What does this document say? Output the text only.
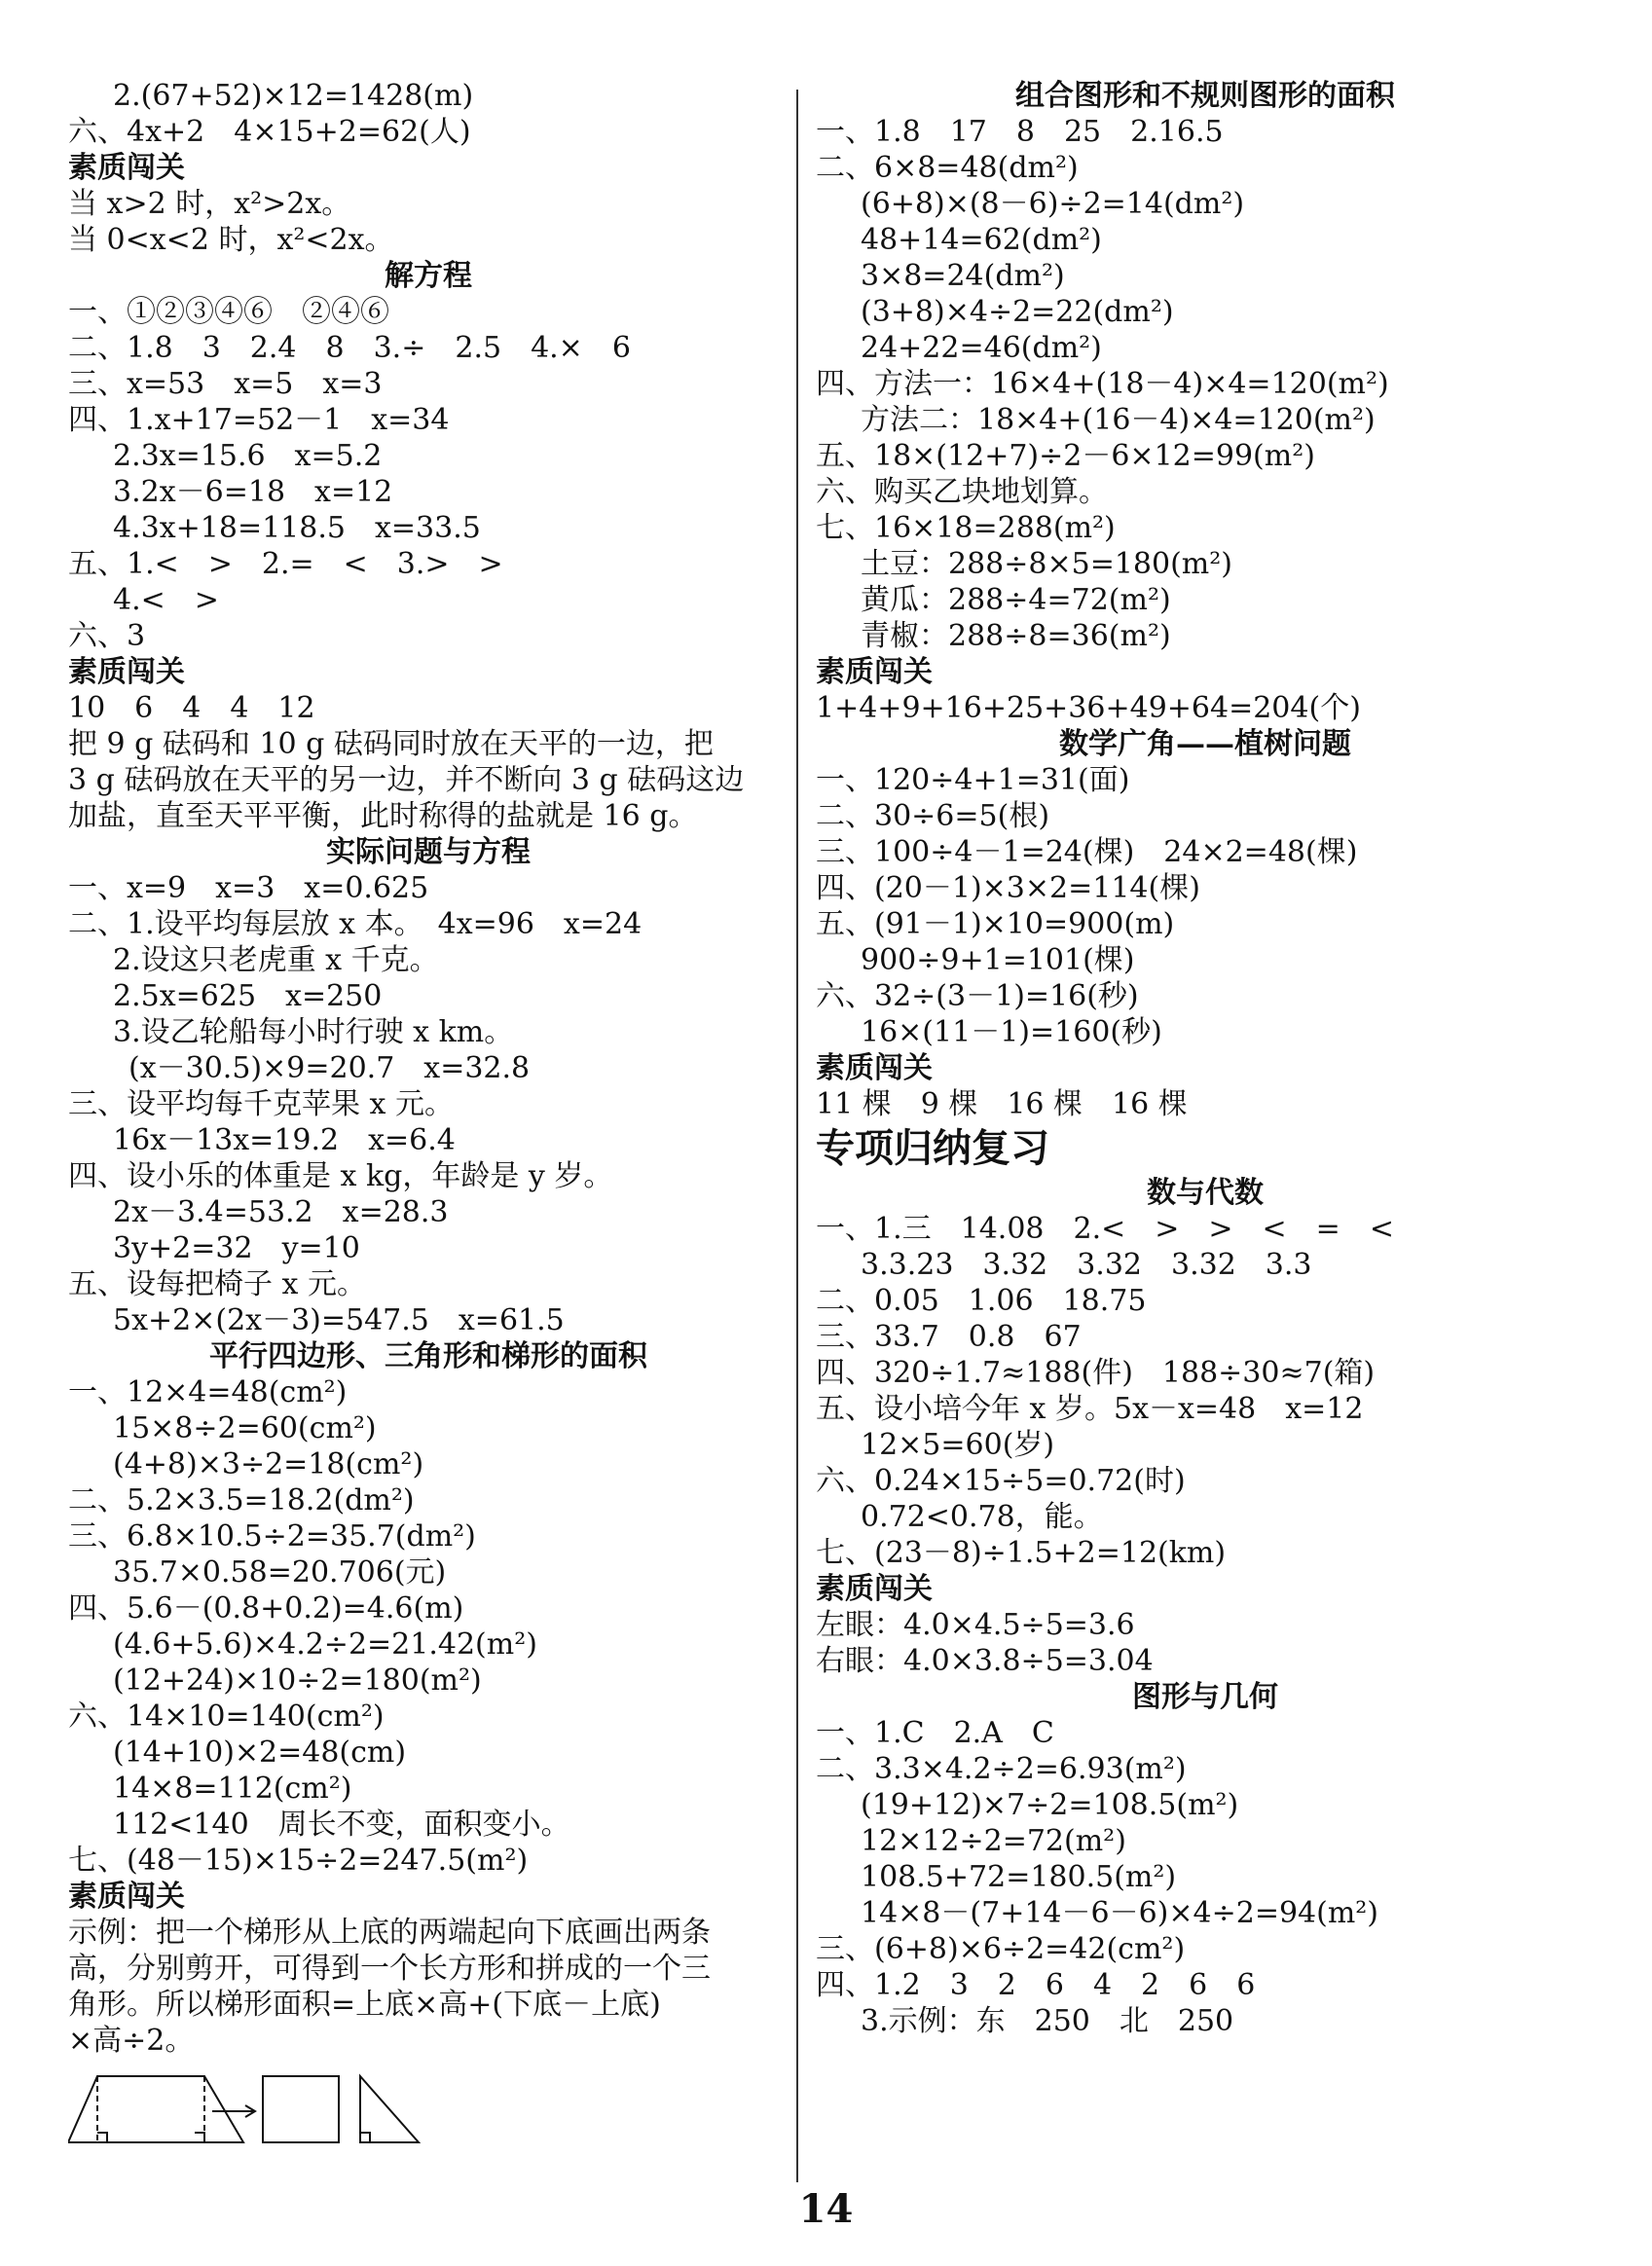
2.(67+52)×12=1428(m)
六、4x+2　4×15+2=62(人)
素质闯关
当 x>2 时，x²>2x。
当 0<x<2 时，x²<2x。
解方程
一、①②③④⑥　②④⑥
二、1.8　3　2.4　8　3.÷　2.5　4.×　6
三、x=53　x=5　x=3
四、1.x+17=52－1　x=34
2.3x=15.6　x=5.2
3.2x－6=18　x=12
4.3x+18=118.5　x=33.5
五、1.<　>　2.=　<　3.>　>
4.<　>
六、3
素质闯关
10　6　4　4　12
把 9 g 砝码和 10 g 砝码同时放在天平的一边，把
3 g 砝码放在天平的另一边，并不断向 3 g 砝码这边
加盐，直至天平平衡，此时称得的盐就是 16 g。
实际问题与方程
一、x=9　x=3　x=0.625
二、1.设平均每层放 x 本。　4x=96　x=24
2.设这只老虎重 x 千克。
2.5x=625　x=250
3.设乙轮船每小时行驶 x km。
(x－30.5)×9=20.7　x=32.8
三、设平均每千克苹果 x 元。
16x－13x=19.2　x=6.4
四、设小乐的体重是 x kg，年龄是 y 岁。
2x－3.4=53.2　x=28.3
3y+2=32　y=10
五、设每把椅子 x 元。
5x+2×(2x－3)=547.5　x=61.5
平行四边形、三角形和梯形的面积
一、12×4=48(cm²)
15×8÷2=60(cm²)
(4+8)×3÷2=18(cm²)
二、5.2×3.5=18.2(dm²)
三、6.8×10.5÷2=35.7(dm²)
35.7×0.58=20.706(元)
四、5.6－(0.8+0.2)=4.6(m)
(4.6+5.6)×4.2÷2=21.42(m²)
(12+24)×10÷2=180(m²)
六、14×10=140(cm²)
(14+10)×2=48(cm)
14×8=112(cm²)
112<140　周长不变，面积变小。
七、(48－15)×15÷2=247.5(m²)
素质闯关
示例：把一个梯形从上底的两端起向下底画出两条
高，分别剪开，可得到一个长方形和拼成的一个三
角形。所以梯形面积=上底×高+(下底－上底)
×高÷2。
组合图形和不规则图形的面积
一、1.8　17　8　25　2.16.5
二、6×8=48(dm²)
(6+8)×(8－6)÷2=14(dm²)
48+14=62(dm²)
3×8=24(dm²)
(3+8)×4÷2=22(dm²)
24+22=46(dm²)
四、方法一：16×4+(18－4)×4=120(m²)
方法二：18×4+(16－4)×4=120(m²)
五、18×(12+7)÷2－6×12=99(m²)
六、购买乙块地划算。
七、16×18=288(m²)
土豆：288÷8×5=180(m²)
黄瓜：288÷4=72(m²)
青椒：288÷8=36(m²)
素质闯关
1+4+9+16+25+36+49+64=204(个)
数学广角——植树问题
一、120÷4+1=31(面)
二、30÷6=5(根)
三、100÷4－1=24(棵)　24×2=48(棵)
四、(20－1)×3×2=114(棵)
五、(91－1)×10=900(m)
900÷9+1=101(棵)
六、32÷(3－1)=16(秒)
16×(11－1)=160(秒)
素质闯关
11 棵　9 棵　16 棵　16 棵
专项归纳复习
数与代数
一、1.三　14.08　2.<　>　>　<　=　<
3.3.23　3.32　3.32　3.32　3.3
二、0.05　1.06　18.75
三、33.7　0.8　67
四、320÷1.7≈188(件)　188÷30≈7(箱)
五、设小培今年 x 岁。5x－x=48　x=12
12×5=60(岁)
六、0.24×15÷5=0.72(时)
0.72<0.78，能。
七、(23－8)÷1.5+2=12(km)
素质闯关
左眼：4.0×4.5÷5=3.6
右眼：4.0×3.8÷5=3.04
图形与几何
一、1.C　2.A　C
二、3.3×4.2÷2=6.93(m²)
(19+12)×7÷2=108.5(m²)
12×12÷2=72(m²)
108.5+72=180.5(m²)
14×8－(7+14－6－6)×4÷2=94(m²)
三、(6+8)×6÷2=42(cm²)
四、1.2　3　2　6　4　2　6　6
3.示例：东　250　北　250
14
